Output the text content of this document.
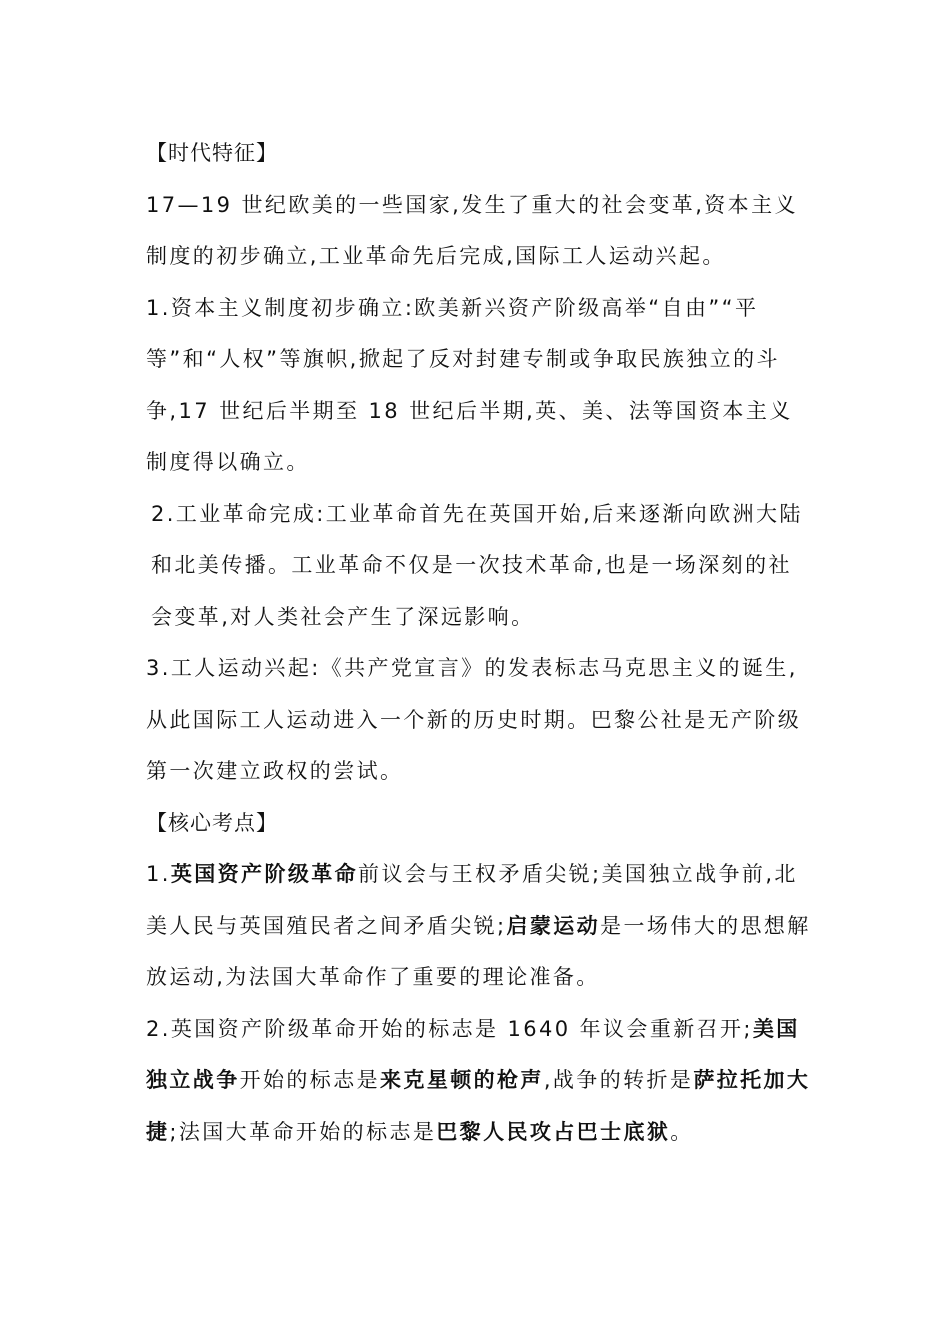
【时代特征】

17—19 世纪欧美的一些国家,发生了重大的社会变革,资本主义制度的初步确立,工业革命先后完成,国际工人运动兴起。

1.资本主义制度初步确立:欧美新兴资产阶级高举“自由”“平等”和“人权”等旗帜,掀起了反对封建专制或争取民族独立的斗争,17 世纪后半期至 18 世纪后半期,英、美、法等国资本主义制度得以确立。

2.工业革命完成:工业革命首先在英国开始,后来逐渐向欧洲大陆和北美传播。工业革命不仅是一次技术革命,也是一场深刻的社会变革,对人类社会产生了深远影响。

3.工人运动兴起:《共产党宣言》的发表标志马克思主义的诞生,从此国际工人运动进入一个新的历史时期。巴黎公社是无产阶级第一次建立政权的尝试。

【核心考点】

1.英国资产阶级革命前议会与王权矛盾尖锐;美国独立战争前,北美人民与英国殖民者之间矛盾尖锐;启蒙运动是一场伟大的思想解放运动,为法国大革命作了重要的理论准备。

2.英国资产阶级革命开始的标志是 1640 年议会重新召开;美国独立战争开始的标志是来克星顿的枪声,战争的转折是萨拉托加大捷;法国大革命开始的标志是巴黎人民攻占巴士底狱。
